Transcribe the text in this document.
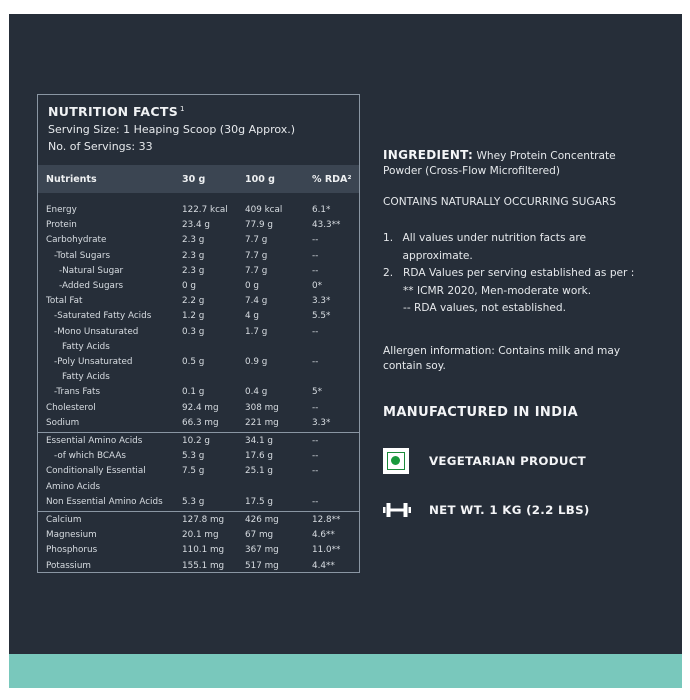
NUTRITION FACTS $^1$
Serving Size: 1 Heaping Scoop (30g Approx.)
No. of Servings: 33
Nutrients	30 g	100 g	% RDA²
Energy	122.7 kcal	409 kcal	6.1*
Protein	23.4 g	77.9 g	43.3**
Carbohydrate	2.3 g	7.7 g	--
-Total Sugars	2.3 g	7.7 g	--
-Natural Sugar	2.3 g	7.7 g	--
-Added Sugars	0 g	0 g	0*
Total Fat	2.2 g	7.4 g	3.3*
-Saturated Fatty Acids	1.2 g	4 g	5.5*
-Mono Unsaturated	0.3 g	1.7 g	--
Fatty Acids
-Poly Unsaturated	0.5 g	0.9 g	--
Fatty Acids
-Trans Fats	0.1 g	0.4 g	5*
Cholesterol	92.4 mg	308 mg	--
Sodium	66.3 mg	221 mg	3.3*
Essential Amino Acids	10.2 g	34.1 g	--
-of which BCAAs	5.3 g	17.6 g	--
Conditionally Essential	7.5 g	25.1 g	--
Amino Acids
Non Essential Amino Acids	5.3 g	17.5 g	--
Calcium	127.8 mg	426 mg	12.8**
Magnesium	20.1 mg	67 mg	4.6**
Phosphorus	110.1 mg	367 mg	11.0**
Potassium	155.1 mg	517 mg	4.4**
INGREDIENT: Whey Protein Concentrate Powder (Cross-Flow Microfiltered)
CONTAINS NATURALLY OCCURRING SUGARS
1. All values under nutrition facts are approximate.
2. RDA Values per serving established as per :
** ICMR 2020, Men-moderate work.
-- RDA values, not established.
Allergen information: Contains milk and may contain soy.
MANUFACTURED IN INDIA
VEGETARIAN PRODUCT
NET WT. 1 KG (2.2 LBS)
